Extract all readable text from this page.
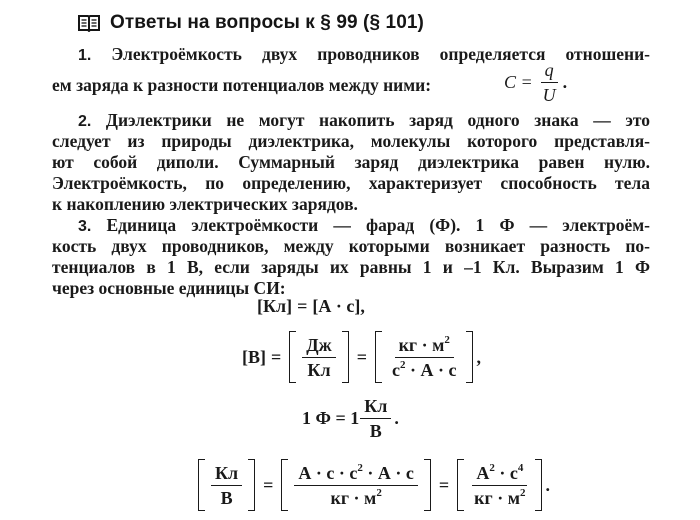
Ответы на вопросы к § 99 (§ 101)
1. Электроёмкость двух проводников определяется отношени-
ем заряда к разности потенциалов между ними:	$C = \frac{q}{U}$ .
2. Диэлектрики не могут накопить заряд одного знака — это
следует из природы диэлектрика, молекулы которого представля-
ют собой диполи. Суммарный заряд диэлектрика равен нулю.
Электроёмкость, по определению, характеризует способность тела
к накоплению электрических зарядов.
3. Единица электроёмкости — фарад (Ф). 1 Ф — электроём-
кость двух проводников, между которыми возникает разность по-
тенциалов в 1 В, если заряды их равны 1 и –1 Кл. Выразим 1 Ф
через основные единицы СИ:
[Кл] = [А · с],
$[В] = \frac{Дж}{Кл} = \frac{кг \cdot м^2}{с^2 \cdot А \cdot с}$ ,
1 $Ф = 1 \frac{Кл}{В}$ .
$\frac{Кл}{В} = \frac{А \cdot с \cdot с^2 \cdot А \cdot с}{кг \cdot м^2} = \frac{А^2 \cdot с^4}{кг \cdot м^2}$ .
